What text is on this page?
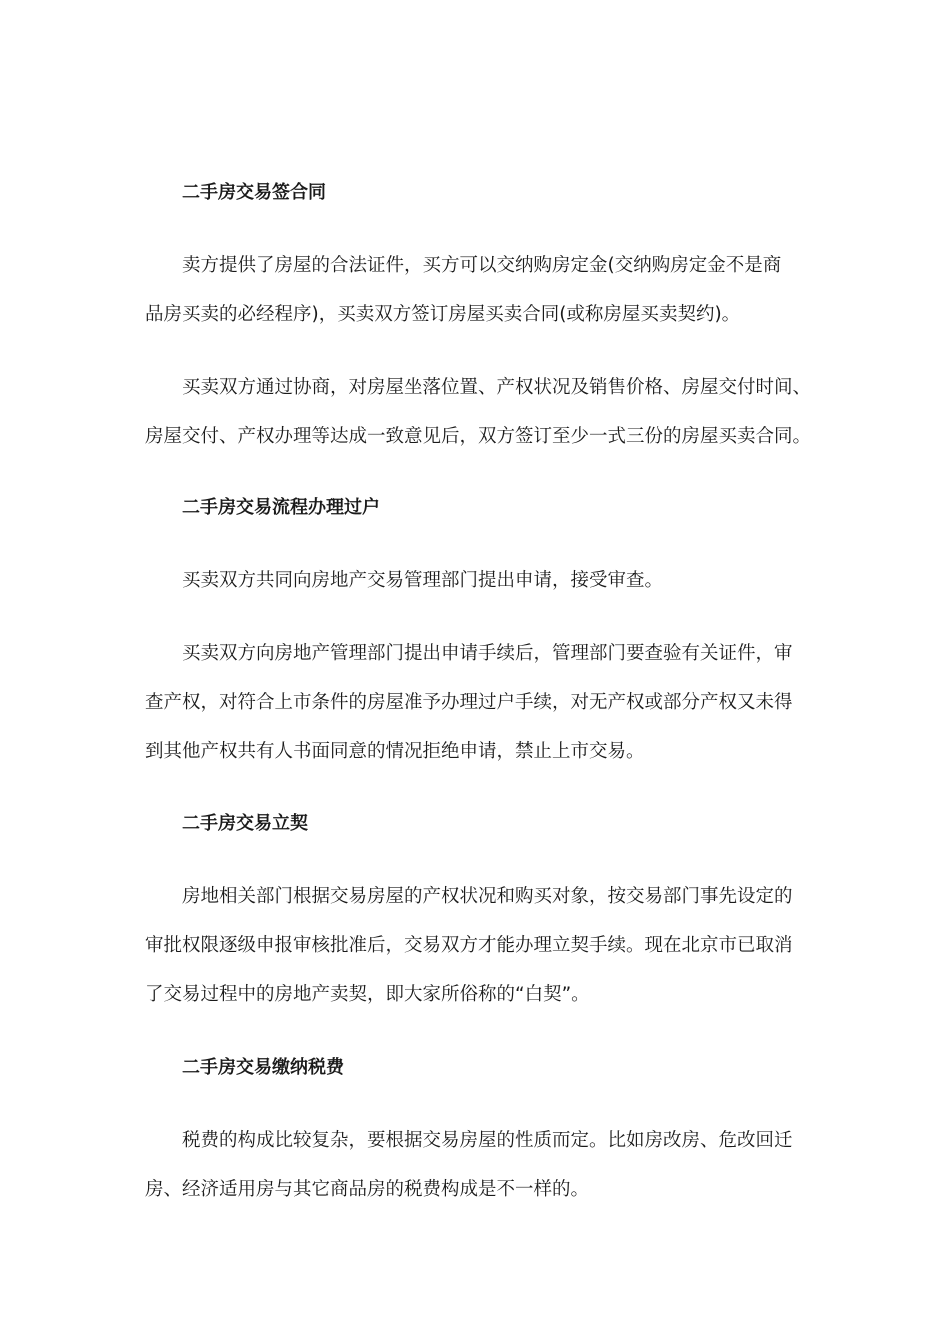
二手房交易签合同
卖方提供了房屋的合法证件，买方可以交纳购房定金(交纳购房定金不是商
品房买卖的必经程序)，买卖双方签订房屋买卖合同(或称房屋买卖契约)。
买卖双方通过协商，对房屋坐落位置、产权状况及销售价格、房屋交付时间、
房屋交付、产权办理等达成一致意见后，双方签订至少一式三份的房屋买卖合同。
二手房交易流程办理过户
买卖双方共同向房地产交易管理部门提出申请，接受审查。
买卖双方向房地产管理部门提出申请手续后，管理部门要查验有关证件，审
查产权，对符合上市条件的房屋准予办理过户手续，对无产权或部分产权又未得
到其他产权共有人书面同意的情况拒绝申请，禁止上市交易。
二手房交易立契
房地相关部门根据交易房屋的产权状况和购买对象，按交易部门事先设定的
审批权限逐级申报审核批准后，交易双方才能办理立契手续。现在北京市已取消
了交易过程中的房地产卖契，即大家所俗称的“白契”。
二手房交易缴纳税费
税费的构成比较复杂，要根据交易房屋的性质而定。比如房改房、危改回迁
房、经济适用房与其它商品房的税费构成是不一样的。
